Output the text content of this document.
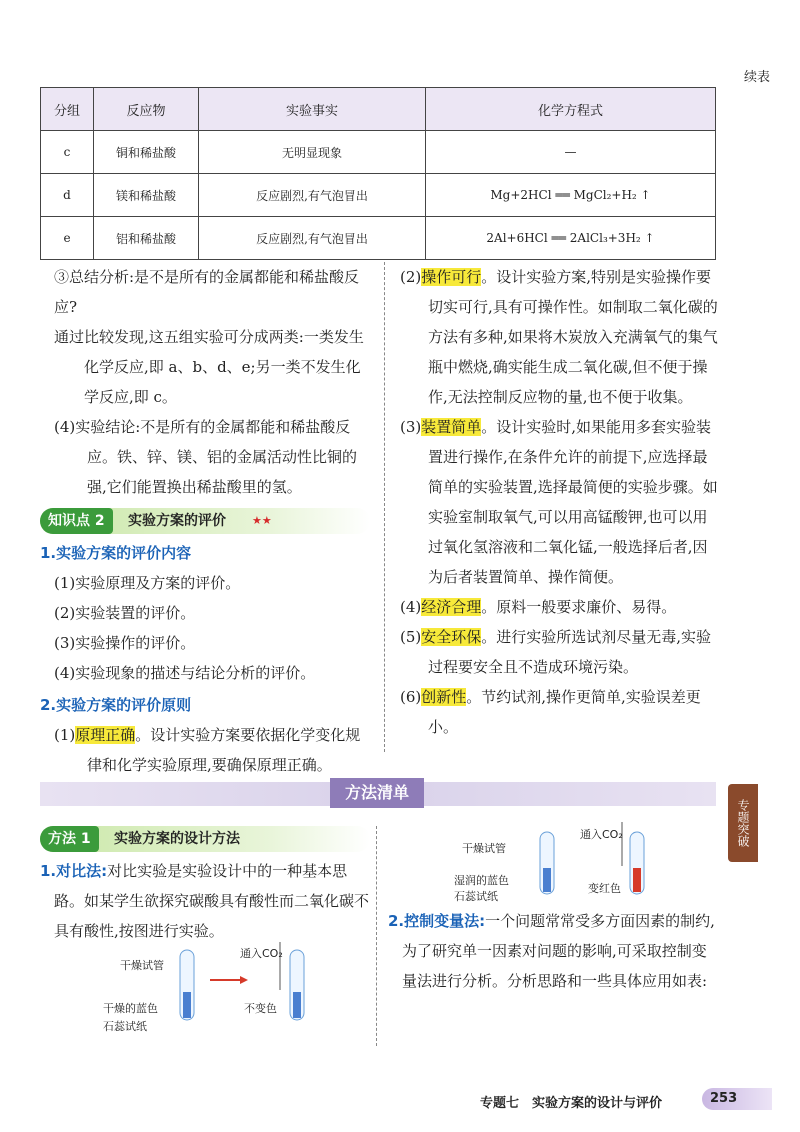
续表
分组	反应物	实验事实	化学方程式
c	铜和稀盐酸	无明显现象	—
d	镁和稀盐酸	反应剧烈,有气泡冒出	Mg+2HCl ══ MgCl₂+H₂ ↑
e	铝和稀盐酸	反应剧烈,有气泡冒出	2Al+6HCl ══ 2AlCl₃+3H₂ ↑

③总结分析:是不是所有的金属都能和稀盐酸反应?

通过比较发现,这五组实验可分成两类:一类发生化学反应,即 a、b、d、e;另一类不发生化学反应,即 c。

(4)实验结论:不是所有的金属都能和稀盐酸反应。铁、锌、镁、铝的金属活动性比铜的强,它们能置换出稀盐酸里的氢。

知识点 2	实验方案的评价 ★★

1.实验方案的评价内容

(1)实验原理及方案的评价。

(2)实验装置的评价。

(3)实验操作的评价。

(4)实验现象的描述与结论分析的评价。

2.实验方案的评价原则

(1)原理正确。设计实验方案要依据化学变化规律和化学实验原理,要确保原理正确。

(2)操作可行。设计实验方案,特别是实验操作要切实可行,具有可操作性。如制取二氧化碳的方法有多种,如果将木炭放入充满氧气的集气瓶中燃烧,确实能生成二氧化碳,但不便于操作,无法控制反应物的量,也不便于收集。

(3)装置简单。设计实验时,如果能用多套实验装置进行操作,在条件允许的前提下,应选择最简单的实验装置,选择最简便的实验步骤。如实验室制取氧气,可以用高锰酸钾,也可以用过氧化氢溶液和二氧化锰,一般选择后者,因为后者装置简单、操作简便。

(4)经济合理。原料一般要求廉价、易得。

(5)安全环保。进行实验所选试剂尽量无毒,实验过程要安全且不造成环境污染。

(6)创新性。节约试剂,操作更简单,实验误差更小。

方法清单
专题突破
方法 1	实验方案的设计方法

1.对比法:对比实验是实验设计中的一种基本思路。如某学生欲探究碳酸具有酸性而二氧化碳不具有酸性,按图进行实验。

干燥试管
通入CO₂
干燥的蓝色
石蕊试纸
不变色
干燥试管
通入CO₂
湿润的蓝色
石蕊试纸
变红色

2.控制变量法:一个问题常常受多方面因素的制约,为了研究单一因素对问题的影响,可采取控制变量法进行分析。分析思路和一些具体应用如表:

专题七　实验方案的设计与评价	253
